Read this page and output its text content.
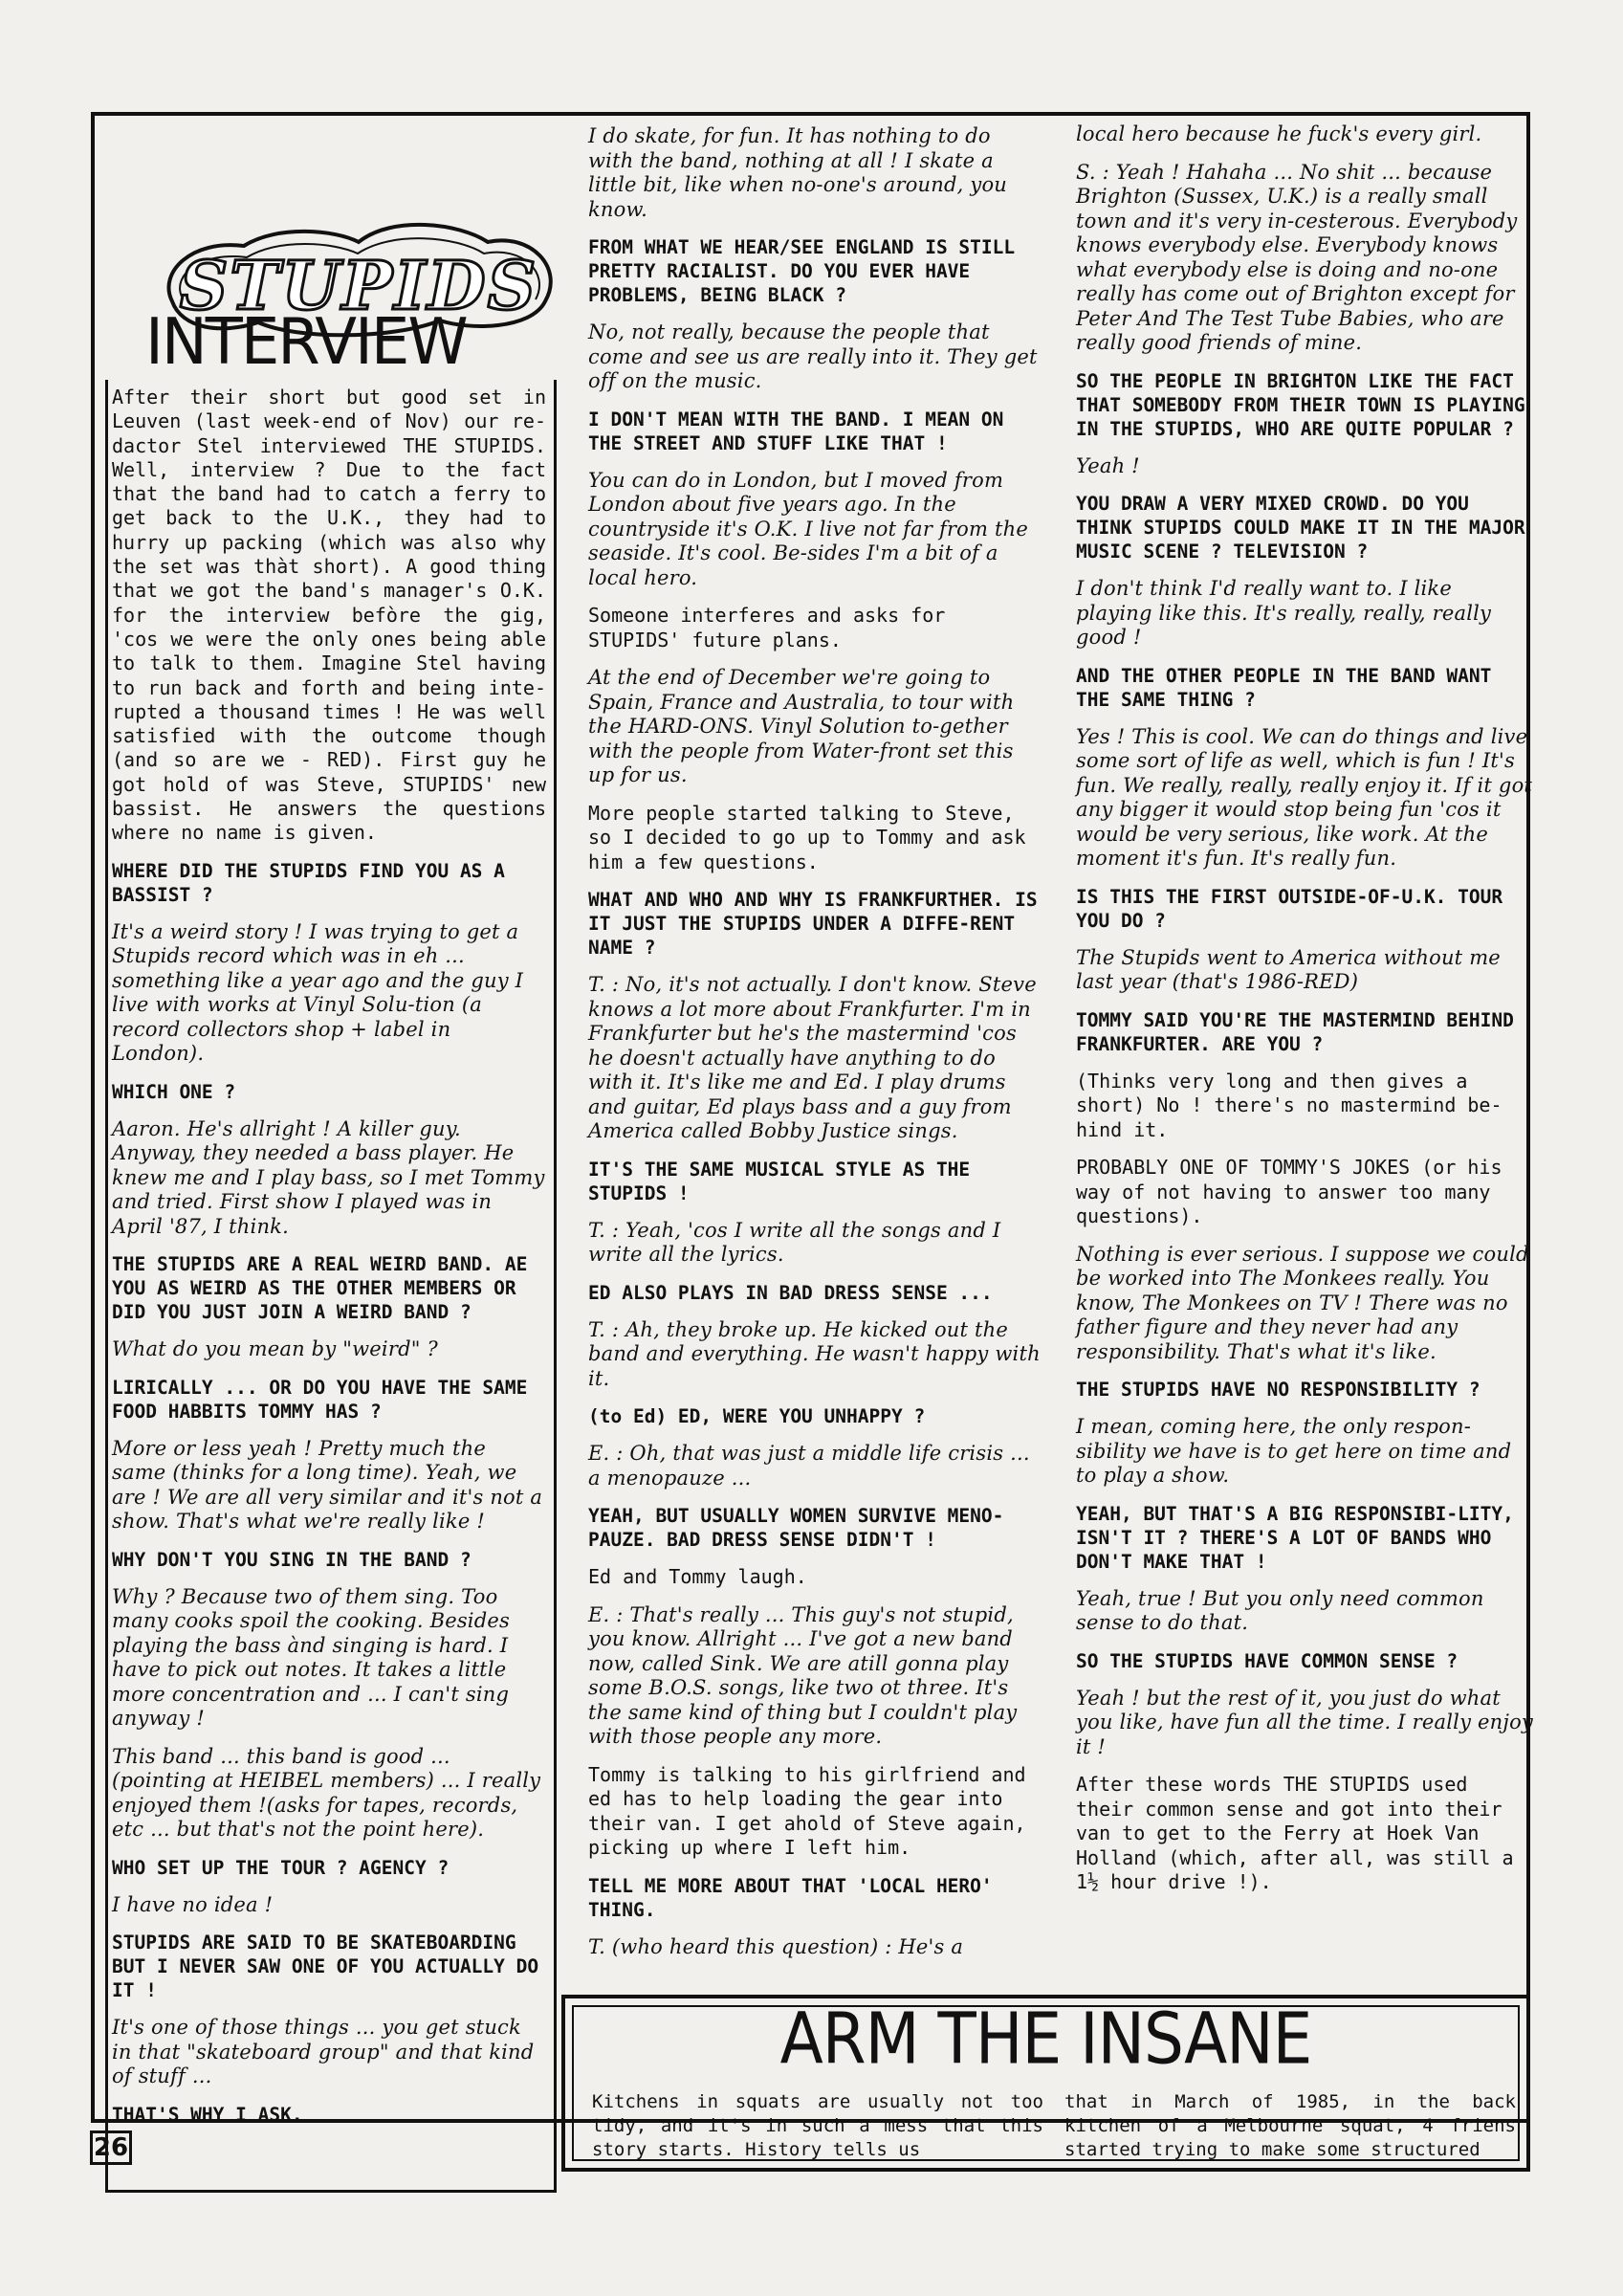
STUPIDS
INTERVIEW

After their short but good set in Leuven (last week-end of Nov) our re-dactor Stel interviewed THE STUPIDS. Well, interview ? Due to the fact that the band had to catch a ferry to get back to the U.K., they had to hurry up packing (which was also why the set was thàt short). A good thing that we got the band's manager's O.K. for the interview befòre the gig, 'cos we were the only ones being able to talk to them. Imagine Stel having to run back and forth and being inte-rupted a thousand times ! He was well satisfied with the outcome though (and so are we - RED). First guy he got hold of was Steve, STUPIDS' new bassist. He answers the questions where no name is given.

WHERE DID THE STUPIDS FIND YOU AS A BASSIST ?

It's a weird story ! I was trying to get a Stupids record which was in eh ... something like a year ago and the guy I live with works at Vinyl Solu-tion (a record collectors shop + label in London).

WHICH ONE ?

Aaron. He's allright ! A killer guy. Anyway, they needed a bass player. He knew me and I play bass, so I met Tommy and tried. First show I played was in April '87, I think.

THE STUPIDS ARE A REAL WEIRD BAND. AE YOU AS WEIRD AS THE OTHER MEMBERS OR DID YOU JUST JOIN A WEIRD BAND ?

What do you mean by "weird" ?

LIRICALLY ... OR DO YOU HAVE THE SAME FOOD HABBITS TOMMY HAS ?

More or less yeah ! Pretty much the same (thinks for a long time). Yeah, we are ! We are all very similar and it's not a show. That's what we're really like !

WHY DON'T YOU SING IN THE BAND ?

Why ? Because two of them sing. Too many cooks spoil the cooking. Besides playing the bass ànd singing is hard. I have to pick out notes. It takes a little more concentration and ... I can't sing anyway !

This band ... this band is good ... (pointing at HEIBEL members) ... I really enjoyed them !(asks for tapes, records, etc ... but that's not the point here).

WHO SET UP THE TOUR ? AGENCY ?

I have no idea !

STUPIDS ARE SAID TO BE SKATEBOARDING BUT I NEVER SAW ONE OF YOU ACTUALLY DO IT !

It's one of those things ... you get stuck in that "skateboard group" and that kind of stuff ...

THAT'S WHY I ASK.

I do skate, for fun. It has nothing to do with the band, nothing at all ! I skate a little bit, like when no-one's around, you know.

FROM WHAT WE HEAR/SEE ENGLAND IS STILL PRETTY RACIALIST. DO YOU EVER HAVE PROBLEMS, BEING BLACK ?

No, not really, because the people that come and see us are really into it. They get off on the music.

I DON'T MEAN WITH THE BAND. I MEAN ON THE STREET AND STUFF LIKE THAT !

You can do in London, but I moved from London about five years ago. In the countryside it's O.K. I live not far from the seaside. It's cool. Be-sides I'm a bit of a local hero.

Someone interferes and asks for STUPIDS' future plans.

At the end of December we're going to Spain, France and Australia, to tour with the HARD-ONS. Vinyl Solution to-gether with the people from Water-front set this up for us.

More people started talking to Steve, so I decided to go up to Tommy and ask him a few questions.

WHAT AND WHO AND WHY IS FRANKFURTHER. IS IT JUST THE STUPIDS UNDER A DIFFE-RENT NAME ?

T. : No, it's not actually. I don't know. Steve knows a lot more about Frankfurter. I'm in Frankfurter but he's the mastermind 'cos he doesn't actually have anything to do with it. It's like me and Ed. I play drums and guitar, Ed plays bass and a guy from America called Bobby Justice sings.

IT'S THE SAME MUSICAL STYLE AS THE STUPIDS !

T. : Yeah, 'cos I write all the songs and I write all the lyrics.

ED ALSO PLAYS IN BAD DRESS SENSE ...

T. : Ah, they broke up. He kicked out the band and everything. He wasn't happy with it.

(to Ed) ED, WERE YOU UNHAPPY ?

E. : Oh, that was just a middle life crisis ... a menopauze ...

YEAH, BUT USUALLY WOMEN SURVIVE MENO-PAUZE. BAD DRESS SENSE DIDN'T !

Ed and Tommy laugh.

E. : That's really ... This guy's not stupid, you know. Allright ... I've got a new band now, called Sink. We are atill gonna play some B.O.S. songs, like two ot three. It's the same kind of thing but I couldn't play with those people any more.

Tommy is talking to his girlfriend and ed has to help loading the gear into their van. I get ahold of Steve again, picking up where I left him.

TELL ME MORE ABOUT THAT 'LOCAL HERO' THING.

T. (who heard this question) : He's a

local hero because he fuck's every girl.

S. : Yeah ! Hahaha ... No shit ... because Brighton (Sussex, U.K.) is a really small town and it's very in-cesterous. Everybody knows everybody else. Everybody knows what everybody else is doing and no-one really has come out of Brighton except for Peter And The Test Tube Babies, who are really good friends of mine.

SO THE PEOPLE IN BRIGHTON LIKE THE FACT THAT SOMEBODY FROM THEIR TOWN IS PLAYING IN THE STUPIDS, WHO ARE QUITE POPULAR ?

Yeah !

YOU DRAW A VERY MIXED CROWD. DO YOU THINK STUPIDS COULD MAKE IT IN THE MAJOR MUSIC SCENE ? TELEVISION ?

I don't think I'd really want to. I like playing like this. It's really, really, really good !

AND THE OTHER PEOPLE IN THE BAND WANT THE SAME THING ?

Yes ! This is cool. We can do things and live some sort of life as well, which is fun ! It's fun. We really, really, really enjoy it. If it got any bigger it would stop being fun 'cos it would be very serious, like work. At the moment it's fun. It's really fun.

IS THIS THE FIRST OUTSIDE-OF-U.K. TOUR YOU DO ?

The Stupids went to America without me last year (that's 1986-RED)

TOMMY SAID YOU'RE THE MASTERMIND BEHIND FRANKFURTER. ARE YOU ?

(Thinks very long and then gives a short) No ! there's no mastermind be-hind it.

PROBABLY ONE OF TOMMY'S JOKES (or his way of not having to answer too many questions).

Nothing is ever serious. I suppose we could be worked into The Monkees really. You know, The Monkees on TV ! There was no father figure and they never had any responsibility. That's what it's like.

THE STUPIDS HAVE NO RESPONSIBILITY ?

I mean, coming here, the only respon-sibility we have is to get here on time and to play a show.

YEAH, BUT THAT'S A BIG RESPONSIBI-LITY, ISN'T IT ? THERE'S A LOT OF BANDS WHO DON'T MAKE THAT !

Yeah, true ! But you only need common sense to do that.

SO THE STUPIDS HAVE COMMON SENSE ?

Yeah ! but the rest of it, you just do what you like, have fun all the time. I really enjoy it !

After these words THE STUPIDS used their common sense and got into their van to get to the Ferry at Hoek Van Holland (which, after all, was still a 1½ hour drive !).

ARM THE INSANE
Kitchens in squats are usually not too tidy, and it's in such a mess that this story starts. History tells us
that in March of 1985, in the back kitchen of a Melbourne squat, 4 friens started trying to make some structured
26
